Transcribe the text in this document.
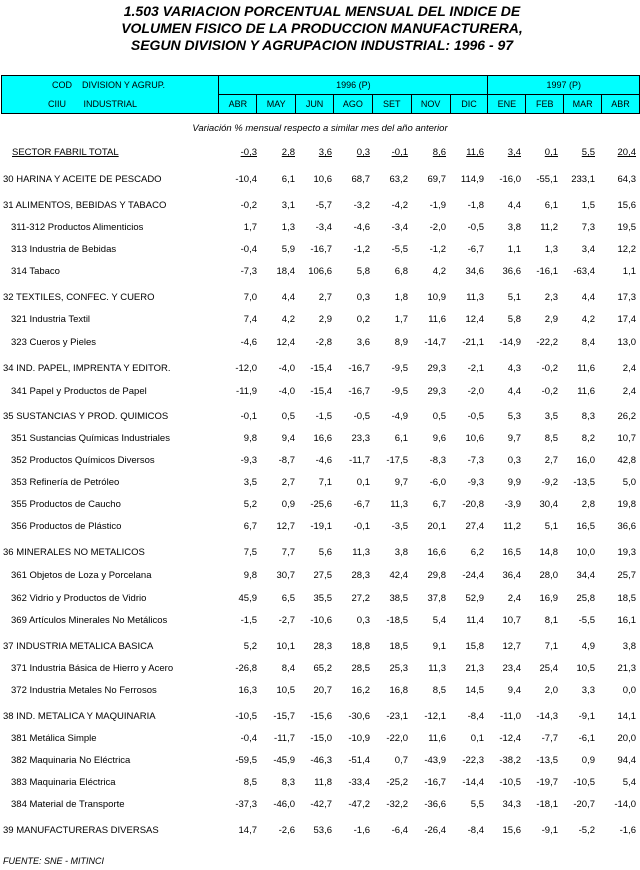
1.503 VARIACION PORCENTUAL MENSUAL DEL INDICE DE
VOLUMEN FISICO DE LA PRODUCCION MANUFACTURERA,
SEGUN DIVISION Y AGRUPACION INDUSTRIAL: 1996 - 97
COD DIVISION Y AGRUP.	1996 (P)							1997 (P)			
CIIU INDUSTRIAL	ABR	MAY	JUN	AGO	SET	NOV	DIC	ENE	FEB	MAR	ABR
Variación % mensual respecto a similar mes del año anterior
SECTOR FABRIL TOTAL	-0,3	2,8	3,6	0,3	-0,1	8,6	11,6	3,4	0,1	5,5	20,4
30 HARINA Y ACEITE DE PESCADO	-10,4	6,1	10,6	68,7	63,2	69,7	114,9	-16,0	-55,1	233,1	64,3
31 ALIMENTOS, BEBIDAS Y TABACO	-0,2	3,1	-5,7	-3,2	-4,2	-1,9	-1,8	4,4	6,1	1,5	15,6
311-312 Productos Alimenticios	1,7	1,3	-3,4	-4,6	-3,4	-2,0	-0,5	3,8	11,2	7,3	19,5
313 Industria de Bebidas	-0,4	5,9	-16,7	-1,2	-5,5	-1,2	-6,7	1,1	1,3	3,4	12,2
314 Tabaco	-7,3	18,4	106,6	5,8	6,8	4,2	34,6	36,6	-16,1	-63,4	1,1
32 TEXTILES, CONFEC. Y CUERO	7,0	4,4	2,7	0,3	1,8	10,9	11,3	5,1	2,3	4,4	17,3
321 Industria Textil	7,4	4,2	2,9	0,2	1,7	11,6	12,4	5,8	2,9	4,2	17,4
323 Cueros y Pieles	-4,6	12,4	-2,8	3,6	8,9	-14,7	-21,1	-14,9	-22,2	8,4	13,0
34 IND. PAPEL, IMPRENTA Y EDITOR.	-12,0	-4,0	-15,4	-16,7	-9,5	29,3	-2,1	4,3	-0,2	11,6	2,4
341 Papel y Productos de Papel	-11,9	-4,0	-15,4	-16,7	-9,5	29,3	-2,0	4,4	-0,2	11,6	2,4
35 SUSTANCIAS Y PROD. QUIMICOS	-0,1	0,5	-1,5	-0,5	-4,9	0,5	-0,5	5,3	3,5	8,3	26,2
351 Sustancias Químicas Industriales	9,8	9,4	16,6	23,3	6,1	9,6	10,6	9,7	8,5	8,2	10,7
352 Productos Químicos Diversos	-9,3	-8,7	-4,6	-11,7	-17,5	-8,3	-7,3	0,3	2,7	16,0	42,8
353 Refinería de Petróleo	3,5	2,7	7,1	0,1	9,7	-6,0	-9,3	9,9	-9,2	-13,5	5,0
355 Productos de Caucho	5,2	0,9	-25,6	-6,7	11,3	6,7	-20,8	-3,9	30,4	2,8	19,8
356 Productos de Plástico	6,7	12,7	-19,1	-0,1	-3,5	20,1	27,4	11,2	5,1	16,5	36,6
36 MINERALES NO METALICOS	7,5	7,7	5,6	11,3	3,8	16,6	6,2	16,5	14,8	10,0	19,3
361 Objetos de Loza y Porcelana	9,8	30,7	27,5	28,3	42,4	29,8	-24,4	36,4	28,0	34,4	25,7
362 Vidrio y Productos de Vidrio	45,9	6,5	35,5	27,2	38,5	37,8	52,9	2,4	16,9	25,8	18,5
369 Artículos Minerales No Metálicos	-1,5	-2,7	-10,6	0,3	-18,5	5,4	11,4	10,7	8,1	-5,5	16,1
37 INDUSTRIA METALICA BASICA	5,2	10,1	28,3	18,8	18,5	9,1	15,8	12,7	7,1	4,9	3,8
371 Industria Básica de Hierro y Acero	-26,8	8,4	65,2	28,5	25,3	11,3	21,3	23,4	25,4	10,5	21,3
372 Industria Metales No Ferrosos	16,3	10,5	20,7	16,2	16,8	8,5	14,5	9,4	2,0	3,3	0,0
38 IND. METALICA Y MAQUINARIA	-10,5	-15,7	-15,6	-30,6	-23,1	-12,1	-8,4	-11,0	-14,3	-9,1	14,1
381 Metálica Simple	-0,4	-11,7	-15,0	-10,9	-22,0	11,6	0,1	-12,4	-7,7	-6,1	20,0
382 Maquinaria No Eléctrica	-59,5	-45,9	-46,3	-51,4	0,7	-43,9	-22,3	-38,2	-13,5	0,9	94,4
383 Maquinaria Eléctrica	8,5	8,3	11,8	-33,4	-25,2	-16,7	-14,4	-10,5	-19,7	-10,5	5,4
384 Material de Transporte	-37,3	-46,0	-42,7	-47,2	-32,2	-36,6	5,5	34,3	-18,1	-20,7	-14,0
39 MANUFACTURERAS DIVERSAS	14,7	-2,6	53,6	-1,6	-6,4	-26,4	-8,4	15,6	-9,1	-5,2	-1,6
FUENTE: SNE - MITINCI
